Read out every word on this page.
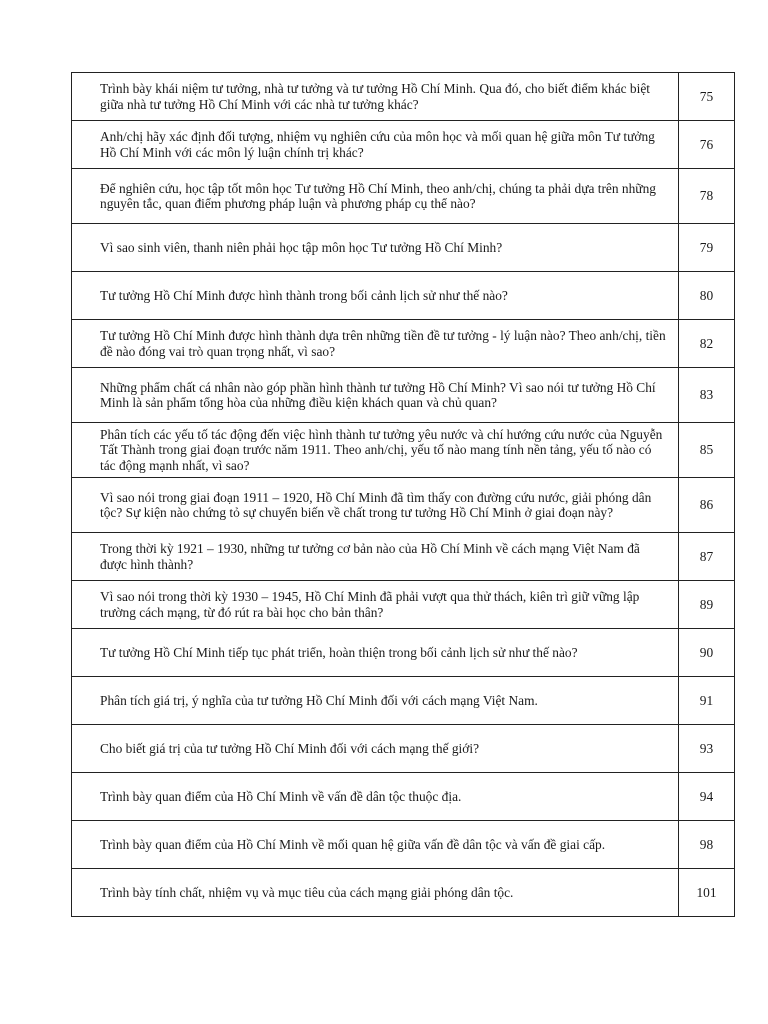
Trình bày khái niệm tư tưởng, nhà tư tưởng và tư tưởng Hồ Chí Minh. Qua đó, cho biết điểm khác biệt giữa nhà tư tưởng Hồ Chí Minh với các nhà tư tưởng khác?	75

Anh/chị hãy xác định đối tượng, nhiệm vụ nghiên cứu của môn học và mối quan hệ giữa môn Tư tưởng Hồ Chí Minh với các môn lý luận chính trị khác?	76

Để nghiên cứu, học tập tốt môn học Tư tưởng Hồ Chí Minh, theo anh/chị, chúng ta phải dựa trên những nguyên tắc, quan điểm phương pháp luận và phương pháp cụ thể nào?	78

Vì sao sinh viên, thanh niên phải học tập môn học Tư tưởng Hồ Chí Minh?	79

Tư tưởng Hồ Chí Minh được hình thành trong bối cảnh lịch sử như thế nào?	80

Tư tưởng Hồ Chí Minh được hình thành dựa trên những tiền đề tư tưởng - lý luận nào? Theo anh/chị, tiền đề nào đóng vai trò quan trọng nhất, vì sao?	82

Những phẩm chất cá nhân nào góp phần hình thành tư tưởng Hồ Chí Minh? Vì sao nói tư tưởng Hồ Chí Minh là sản phẩm tổng hòa của những điều kiện khách quan và chủ quan?	83

Phân tích các yếu tố tác động đến việc hình thành tư tưởng yêu nước và chí hướng cứu nước của Nguyễn Tất Thành trong giai đoạn trước năm 1911. Theo anh/chị, yếu tố nào mang tính nền tảng, yếu tố nào có tác động mạnh nhất, vì sao?	85

Vì sao nói trong giai đoạn 1911 – 1920, Hồ Chí Minh đã tìm thấy con đường cứu nước, giải phóng dân tộc? Sự kiện nào chứng tỏ sự chuyển biến về chất trong tư tưởng Hồ Chí Minh ở giai đoạn này?	86

Trong thời kỳ 1921 – 1930, những tư tưởng cơ bản nào của Hồ Chí Minh về cách mạng Việt Nam đã được hình thành?	87

Vì sao nói trong thời kỳ 1930 – 1945, Hồ Chí Minh đã phải vượt qua thử thách, kiên trì giữ vững lập trường cách mạng, từ đó rút ra bài học cho bản thân?	89

Tư tưởng Hồ Chí Minh tiếp tục phát triển, hoàn thiện trong bối cảnh lịch sử như thế nào?	90

Phân tích giá trị, ý nghĩa của tư tưởng Hồ Chí Minh đối với cách mạng Việt Nam.	91

Cho biết giá trị của tư tưởng Hồ Chí Minh đối với cách mạng thế giới?	93

Trình bày quan điểm của Hồ Chí Minh về vấn đề dân tộc thuộc địa.	94

Trình bày quan điểm của Hồ Chí Minh về mối quan hệ giữa vấn đề dân tộc và vấn đề giai cấp.	98

Trình bày tính chất, nhiệm vụ và mục tiêu của cách mạng giải phóng dân tộc.	101
